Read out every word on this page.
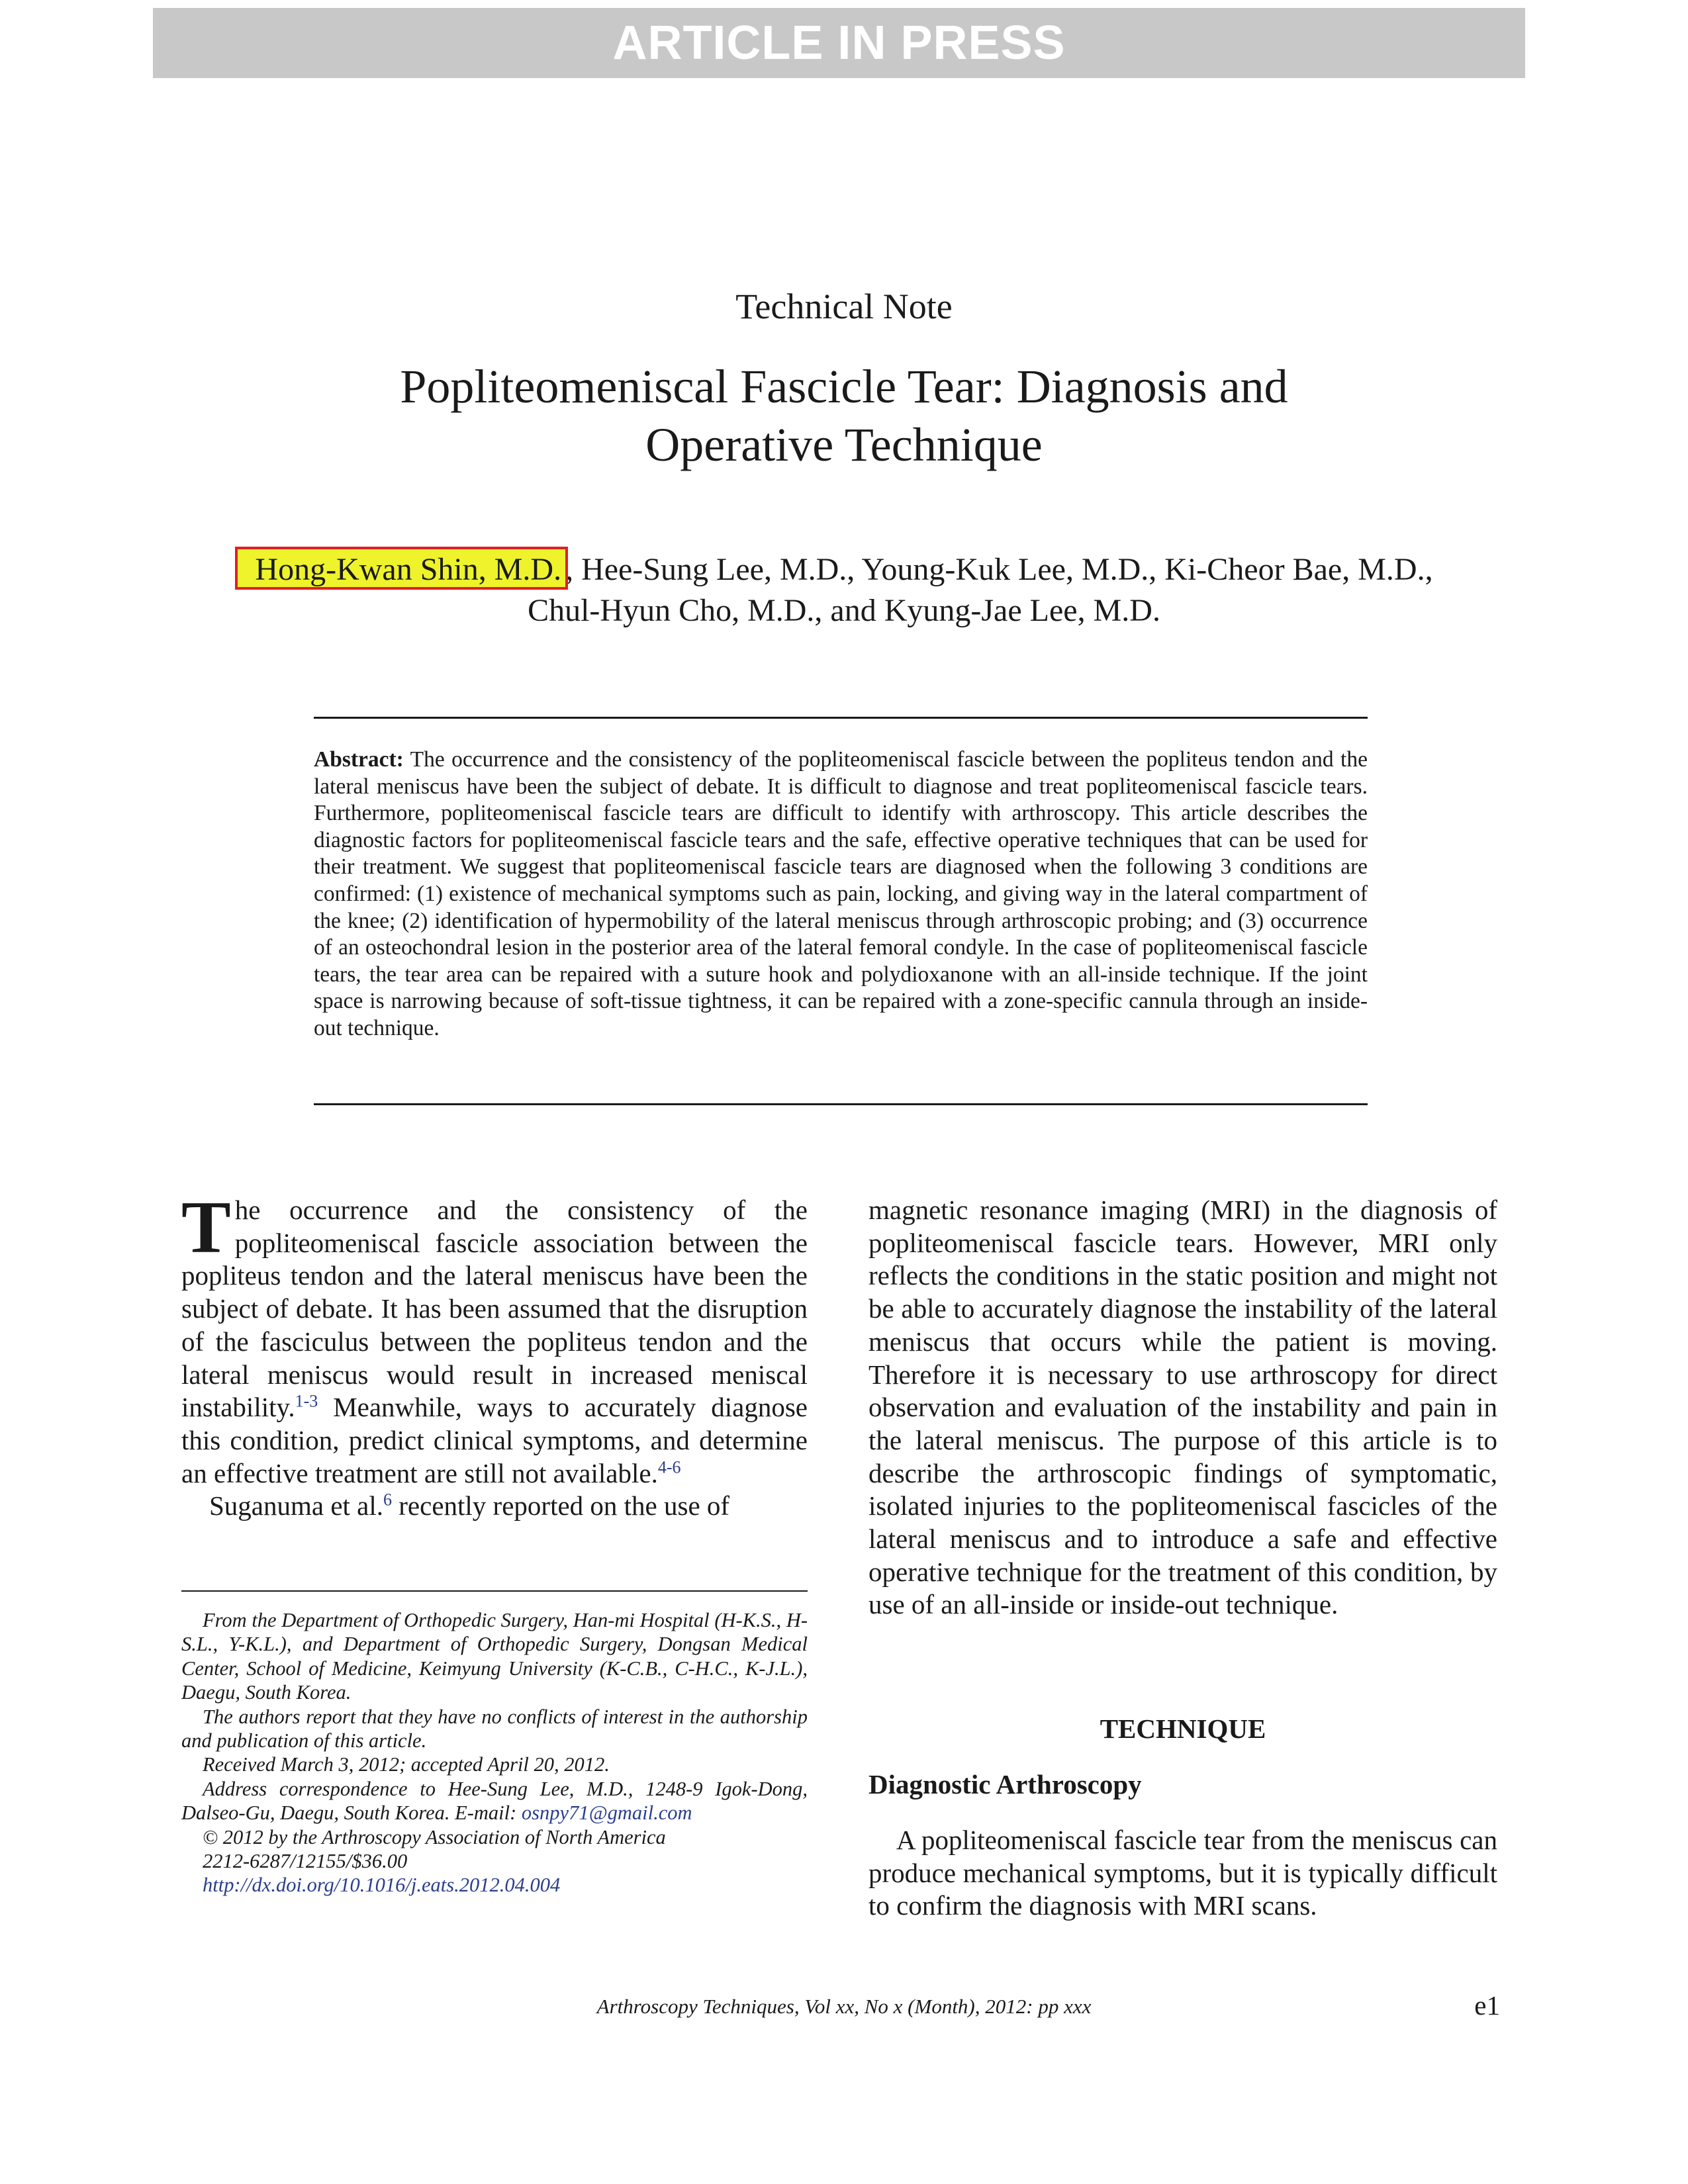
ARTICLE IN PRESS
Technical Note
Popliteomeniscal Fascicle Tear: Diagnosis and
Operative Technique
Hong-Kwan Shin, M.D. , Hee-Sung Lee, M.D., Young-Kuk Lee, M.D., Ki-Cheor Bae, M.D.,
Chul-Hyun Cho, M.D., and Kyung-Jae Lee, M.D.
Abstract: The occurrence and the consistency of the popliteomeniscal fascicle between the popliteus tendon and the lateral meniscus have been the subject of debate. It is difficult to diagnose and treat popliteomeniscal fascicle tears. Furthermore, popliteomeniscal fascicle tears are difficult to identify with arthroscopy. This article describes the diagnostic factors for popliteomeniscal fascicle tears and the safe, effective operative techniques that can be used for their treatment. We suggest that popliteomeniscal fascicle tears are diagnosed when the following 3 conditions are confirmed: (1) existence of mechanical symptoms such as pain, locking, and giving way in the lateral compartment of the knee; (2) identification of hypermobility of the lateral meniscus through arthroscopic probing; and (3) occurrence of an osteochondral lesion in the posterior area of the lateral femoral condyle. In the case of popliteomeniscal fascicle tears, the tear area can be repaired with a suture hook and polydioxanone with an all-inside technique. If the joint space is narrowing because of soft-tissue tightness, it can be repaired with a zone-specific cannula through an inside-out technique.

The occurrence and the consistency of the popliteomeniscal fascicle association between the popliteus tendon and the lateral meniscus have been the subject of debate. It has been assumed that the disruption of the fasciculus between the popliteus tendon and the lateral meniscus would result in increased meniscal instability.$^{1-3}$ Meanwhile, ways to accurately diagnose this condition, predict clinical symptoms, and determine an effective treatment are still not available.$^{4-6}$

Suganuma et al.$^6$ recently reported on the use of

From the Department of Orthopedic Surgery, Han-mi Hospital (H-K.S., H-S.L., Y-K.L.), and Department of Orthopedic Surgery, Dongsan Medical Center, School of Medicine, Keimyung University (K-C.B., C-H.C., K-J.L.), Daegu, South Korea.

The authors report that they have no conflicts of interest in the authorship and publication of this article.

Received March 3, 2012; accepted April 20, 2012.

Address correspondence to Hee-Sung Lee, M.D., 1248-9 Igok-Dong, Dalseo-Gu, Daegu, South Korea. E-mail: osnpy71@gmail.com

© 2012 by the Arthroscopy Association of North America

2212-6287/12155/$36.00

http://dx.doi.org/10.1016/j.eats.2012.04.004

magnetic resonance imaging (MRI) in the diagnosis of popliteomeniscal fascicle tears. However, MRI only reflects the conditions in the static position and might not be able to accurately diagnose the instability of the lateral meniscus that occurs while the patient is moving. Therefore it is necessary to use arthroscopy for direct observation and evaluation of the instability and pain in the lateral meniscus. The purpose of this article is to describe the arthroscopic findings of symptomatic, isolated injuries to the popliteomeniscal fascicles of the lateral meniscus and to introduce a safe and effective operative technique for the treatment of this condition, by use of an all-inside or inside-out technique.

TECHNIQUE
Diagnostic Arthroscopy

A popliteomeniscal fascicle tear from the meniscus can produce mechanical symptoms, but it is typically difficult to confirm the diagnosis with MRI scans.

Arthroscopy Techniques, Vol xx, No x (Month), 2012: pp xxx	e1
